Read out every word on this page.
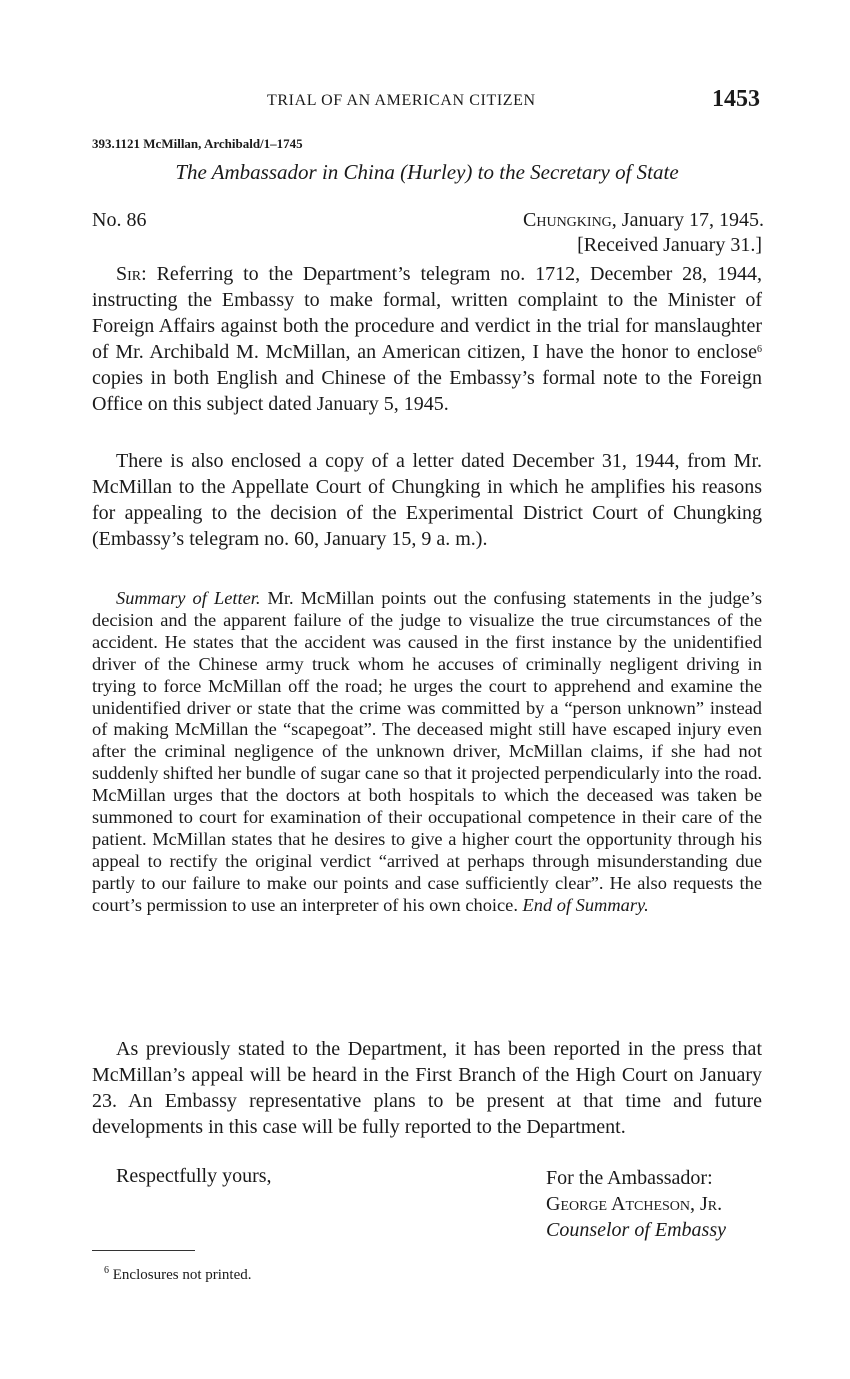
TRIAL OF AN AMERICAN CITIZEN	1453
393.1121 McMillan, Archibald/1–1745
The Ambassador in China (Hurley) to the Secretary of State
No. 86	Chungking, January 17, 1945.
[Received January 31.]

Sir: Referring to the Department’s telegram no. 1712, December 28, 1944, instructing the Embassy to make formal, written complaint to the Minister of Foreign Affairs against both the procedure and verdict in the trial for manslaughter of Mr. Archibald M. McMillan, an American citizen, I have the honor to enclose$^6$ copies in both English and Chinese of the Embassy’s formal note to the Foreign Office on this subject dated January 5, 1945.

There is also enclosed a copy of a letter dated December 31, 1944, from Mr. McMillan to the Appellate Court of Chungking in which he amplifies his reasons for appealing to the decision of the Experimental District Court of Chungking (Embassy’s telegram no. 60, January 15, 9 a. m.).

Summary of Letter. Mr. McMillan points out the confusing statements in the judge’s decision and the apparent failure of the judge to visualize the true circumstances of the accident. He states that the accident was caused in the first instance by the unidentified driver of the Chinese army truck whom he accuses of criminally negligent driving in trying to force McMillan off the road; he urges the court to apprehend and examine the unidentified driver or state that the crime was committed by a “person unknown” instead of making McMillan the “scapegoat”. The deceased might still have escaped injury even after the criminal negligence of the unknown driver, McMillan claims, if she had not suddenly shifted her bundle of sugar cane so that it projected perpendicularly into the road. McMillan urges that the doctors at both hospitals to which the deceased was taken be summoned to court for examination of their occupational competence in their care of the patient. McMillan states that he desires to give a higher court the opportunity through his appeal to rectify the original verdict “arrived at perhaps through misunderstanding due partly to our failure to make our points and case sufficiently clear”. He also requests the court’s permission to use an interpreter of his own choice. End of Summary.

As previously stated to the Department, it has been reported in the press that McMillan’s appeal will be heard in the First Branch of the High Court on January 23. An Embassy representative plans to be present at that time and future developments in this case will be fully reported to the Department.

Respectfully yours,	For the Ambassador:
George Atcheson, Jr.
Counselor of Embassy
$^6$ Enclosures not printed.
